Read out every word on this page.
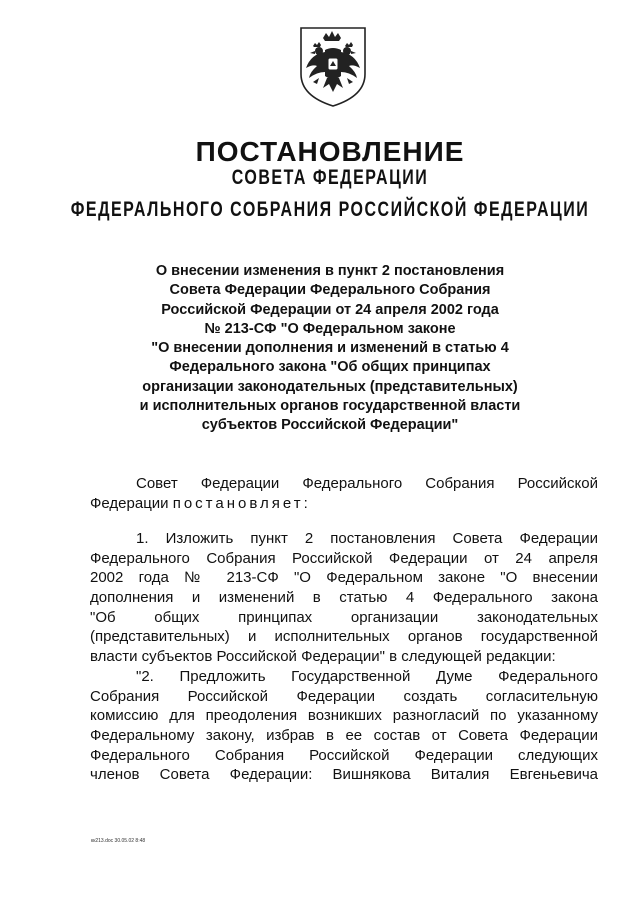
ПОСТАНОВЛЕНИЕ
СОВЕТА ФЕДЕРАЦИИ
ФЕДЕРАЛЬНОГО СОБРАНИЯ РОССИЙСКОЙ ФЕДЕРАЦИИ
О внесении изменения в пункт 2 постановления
Совета Федерации Федерального Собрания
Российской Федерации от 24 апреля 2002 года
№ 213-СФ "О Федеральном законе
"О внесении дополнения и изменений в статью 4
Федерального закона "Об общих принципах
организации законодательных (представительных)
и исполнительных органов государственной власти
субъектов Российской Федерации"
Совет Федерации Федерального Собрания Российской
Федерации постановляет:
1. Изложить пункт 2 постановления Совета Федерации
Федерального Собрания Российской Федерации от 24 апреля
2002 года № 213-СФ "О Федеральном законе "О внесении
дополнения и изменений в статью 4 Федерального закона
"Об общих принципах организации законодательных
(представительных) и исполнительных органов государственной
власти субъектов Российской Федерации" в следующей редакции:
"2. Предложить Государственной Думе Федерального
Собрания Российской Федерации создать согласительную
комиссию для преодоления возникших разногласий по указанному
Федеральному закону, избрав в ее состав от Совета Федерации
Федерального Собрания Российской Федерации следующих
членов Совета Федерации: Вишнякова Виталия Евгеньевича
кк213.doc 30.05.02 8:48
